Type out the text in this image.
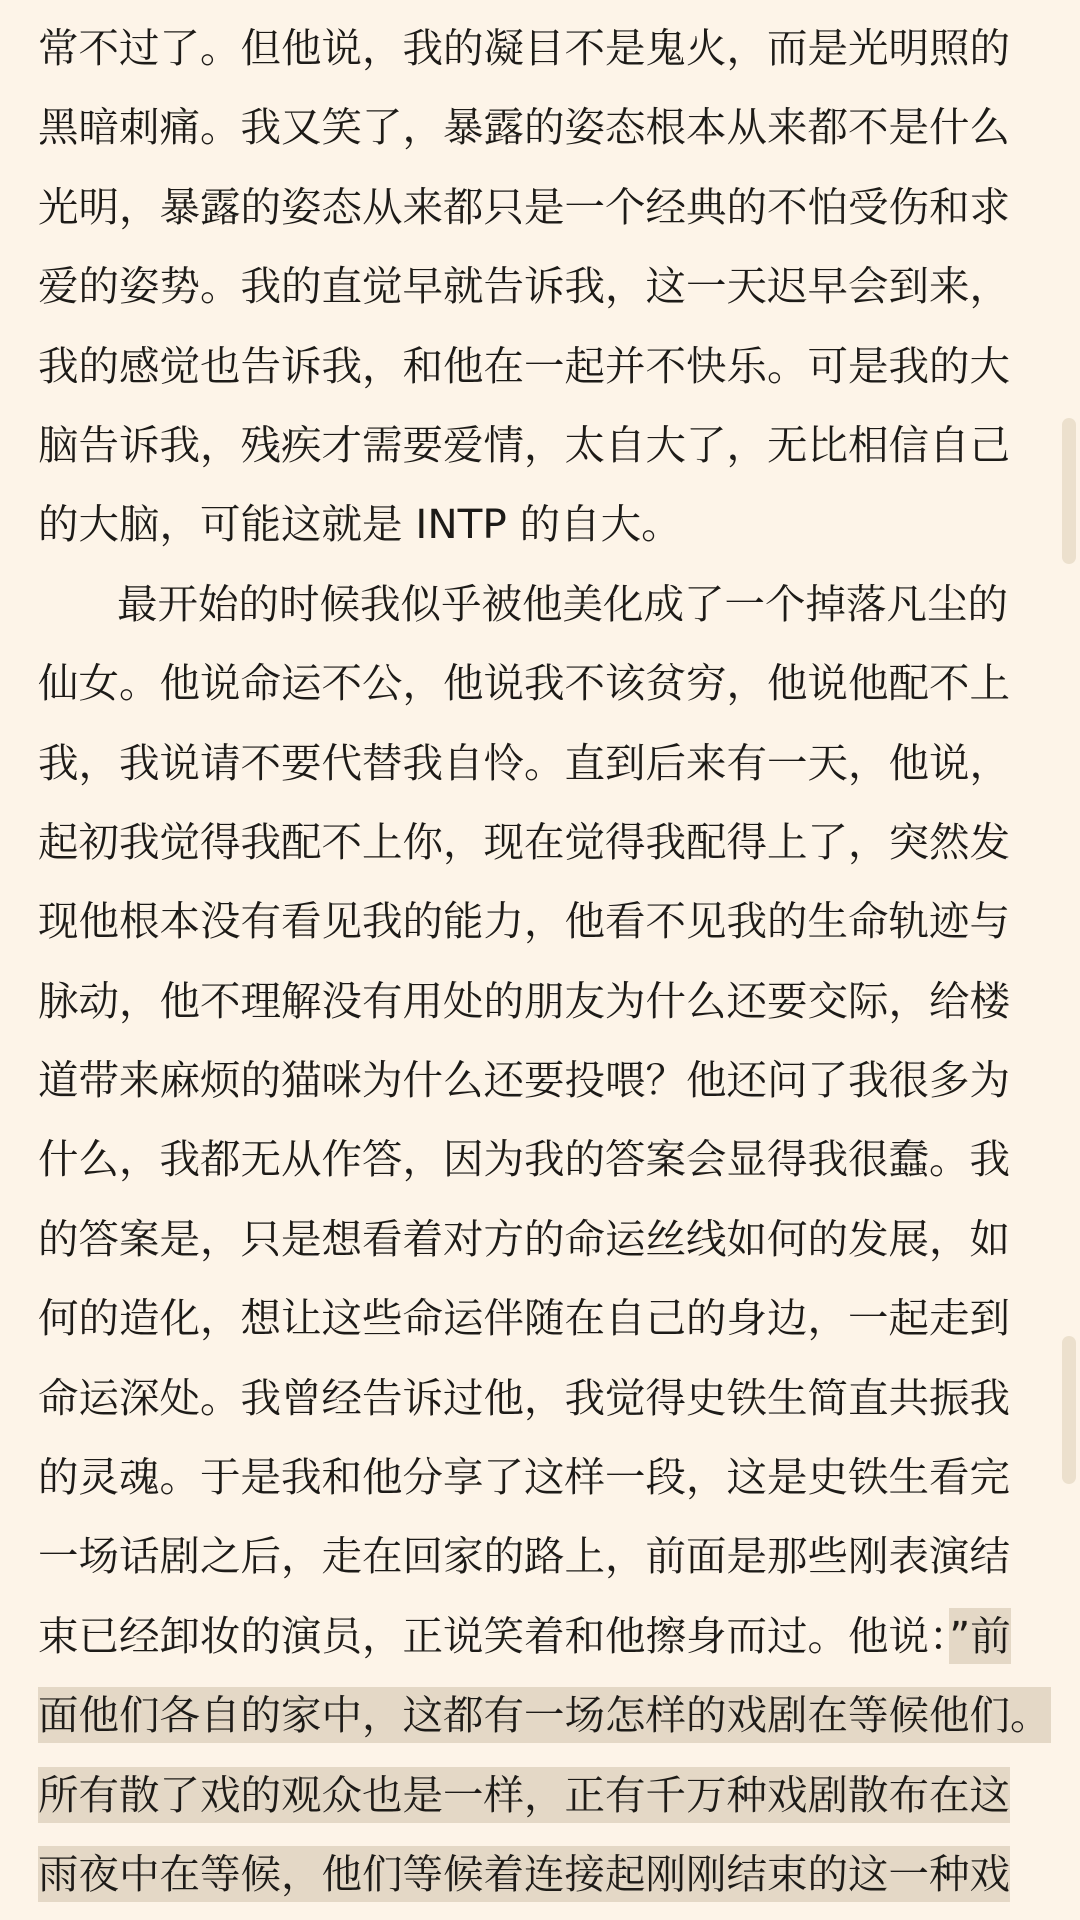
常不过了。但他说，我的凝目不是鬼火，而是光明照的
黑暗刺痛。我又笑了，暴露的姿态根本从来都不是什么
光明，暴露的姿态从来都只是一个经典的不怕受伤和求
爱的姿势。我的直觉早就告诉我，这一天迟早会到来，
我的感觉也告诉我，和他在一起并不快乐。可是我的大
脑告诉我，残疾才需要爱情，太自大了，无比相信自己
的大脑，可能这就是 INTP 的自大。
最开始的时候我似乎被他美化成了一个掉落凡尘的
仙女。他说命运不公，他说我不该贫穷，他说他配不上
我，我说请不要代替我自怜。直到后来有一天，他说，
起初我觉得我配不上你，现在觉得我配得上了，突然发
现他根本没有看见我的能力，他看不见我的生命轨迹与
脉动，他不理解没有用处的朋友为什么还要交际，给楼
道带来麻烦的猫咪为什么还要投喂？他还问了我很多为
什么，我都无从作答，因为我的答案会显得我很蠢。我
的答案是，只是想看着对方的命运丝线如何的发展，如
何的造化，想让这些命运伴随在自己的身边，一起走到
命运深处。我曾经告诉过他，我觉得史铁生简直共振我
的灵魂。于是我和他分享了这样一段，这是史铁生看完
一场话剧之后，走在回家的路上，前面是那些刚表演结
束已经卸妆的演员，正说笑着和他擦身而过。他说：”前
面他们各自的家中，这都有一场怎样的戏剧在等候他们。
所有散了戏的观众也是一样，正有千万种戏剧散布在这
雨夜中在等候，他们等候着连接起刚刚结束的这一种戏
